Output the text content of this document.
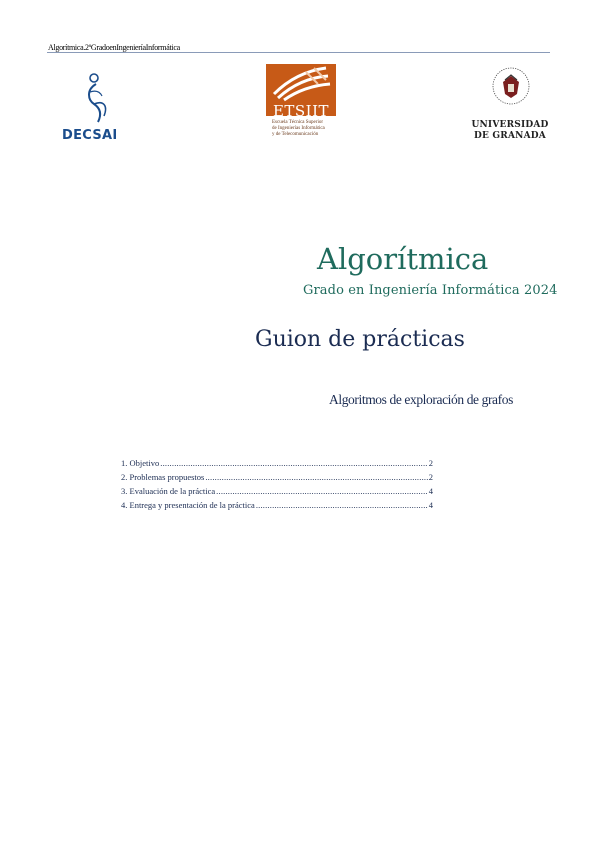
Algorítmica.2ºGradoenIngenieríaInformática
DECSAI
ETSIIT
Escuela Técnica Superior
de Ingenierías Informática
y de Telecomunicación
UNIVERSIDAD
DE GRANADA
Algorítmica
Grado en Ingeniería Informática 2024
Guion de prácticas
Algoritmos de exploración de grafos
1. Objetivo .....	2
2. Problemas propuestos .....	2
3. Evaluación de la práctica .....	4
4. Entrega y presentación de la práctica .....	4
